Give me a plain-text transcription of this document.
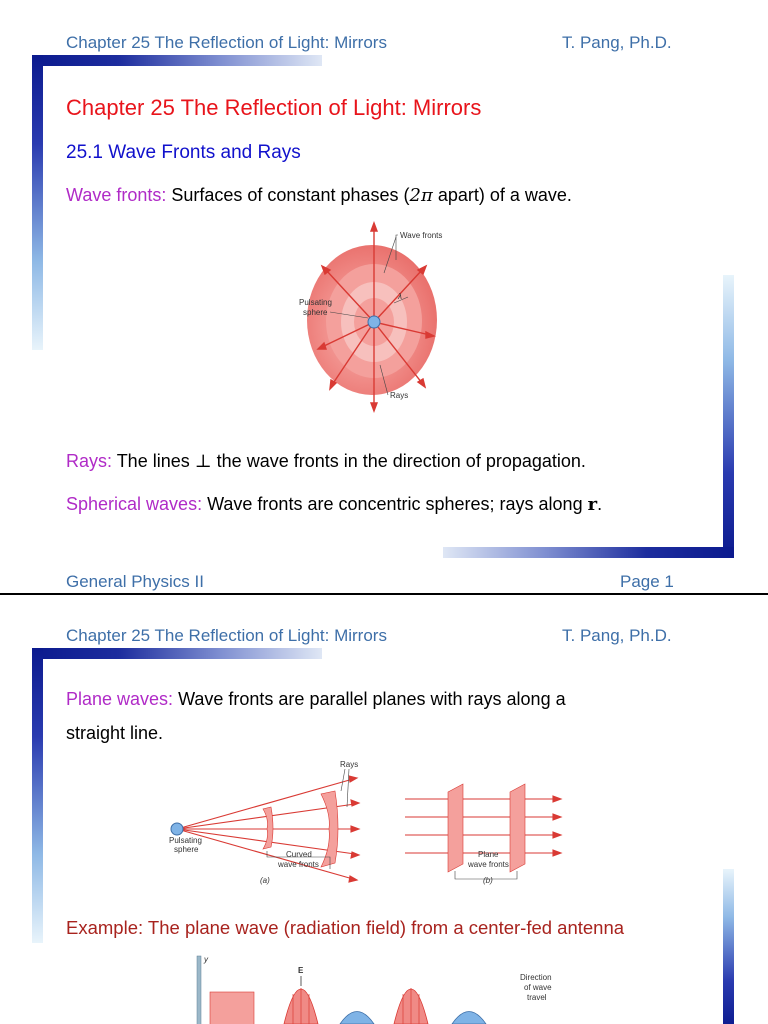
Chapter 25 The Reflection of Light: Mirrors	T. Pang, Ph.D.
Chapter 25 The Reflection of Light: Mirrors
25.1 Wave Fronts and Rays
Wave fronts: Surfaces of constant phases (2π apart) of a wave.
Wave fronts
Pulsating
sphere
λ
Rays
Rays: The lines ⊥ the wave fronts in the direction of propagation.
Spherical waves: Wave fronts are concentric spheres; rays along r.
General Physics II	Page 1
Chapter 25 The Reflection of Light: Mirrors	T. Pang, Ph.D.
Plane waves: Wave fronts are parallel planes with rays along a
straight line.
Rays
Pulsating
sphere
Curved
wave fronts
(a)
Plane
wave fronts
(b)
Example: The plane wave (radiation field) from a center-fed antenna
y
E
Direction
of wave
travel
